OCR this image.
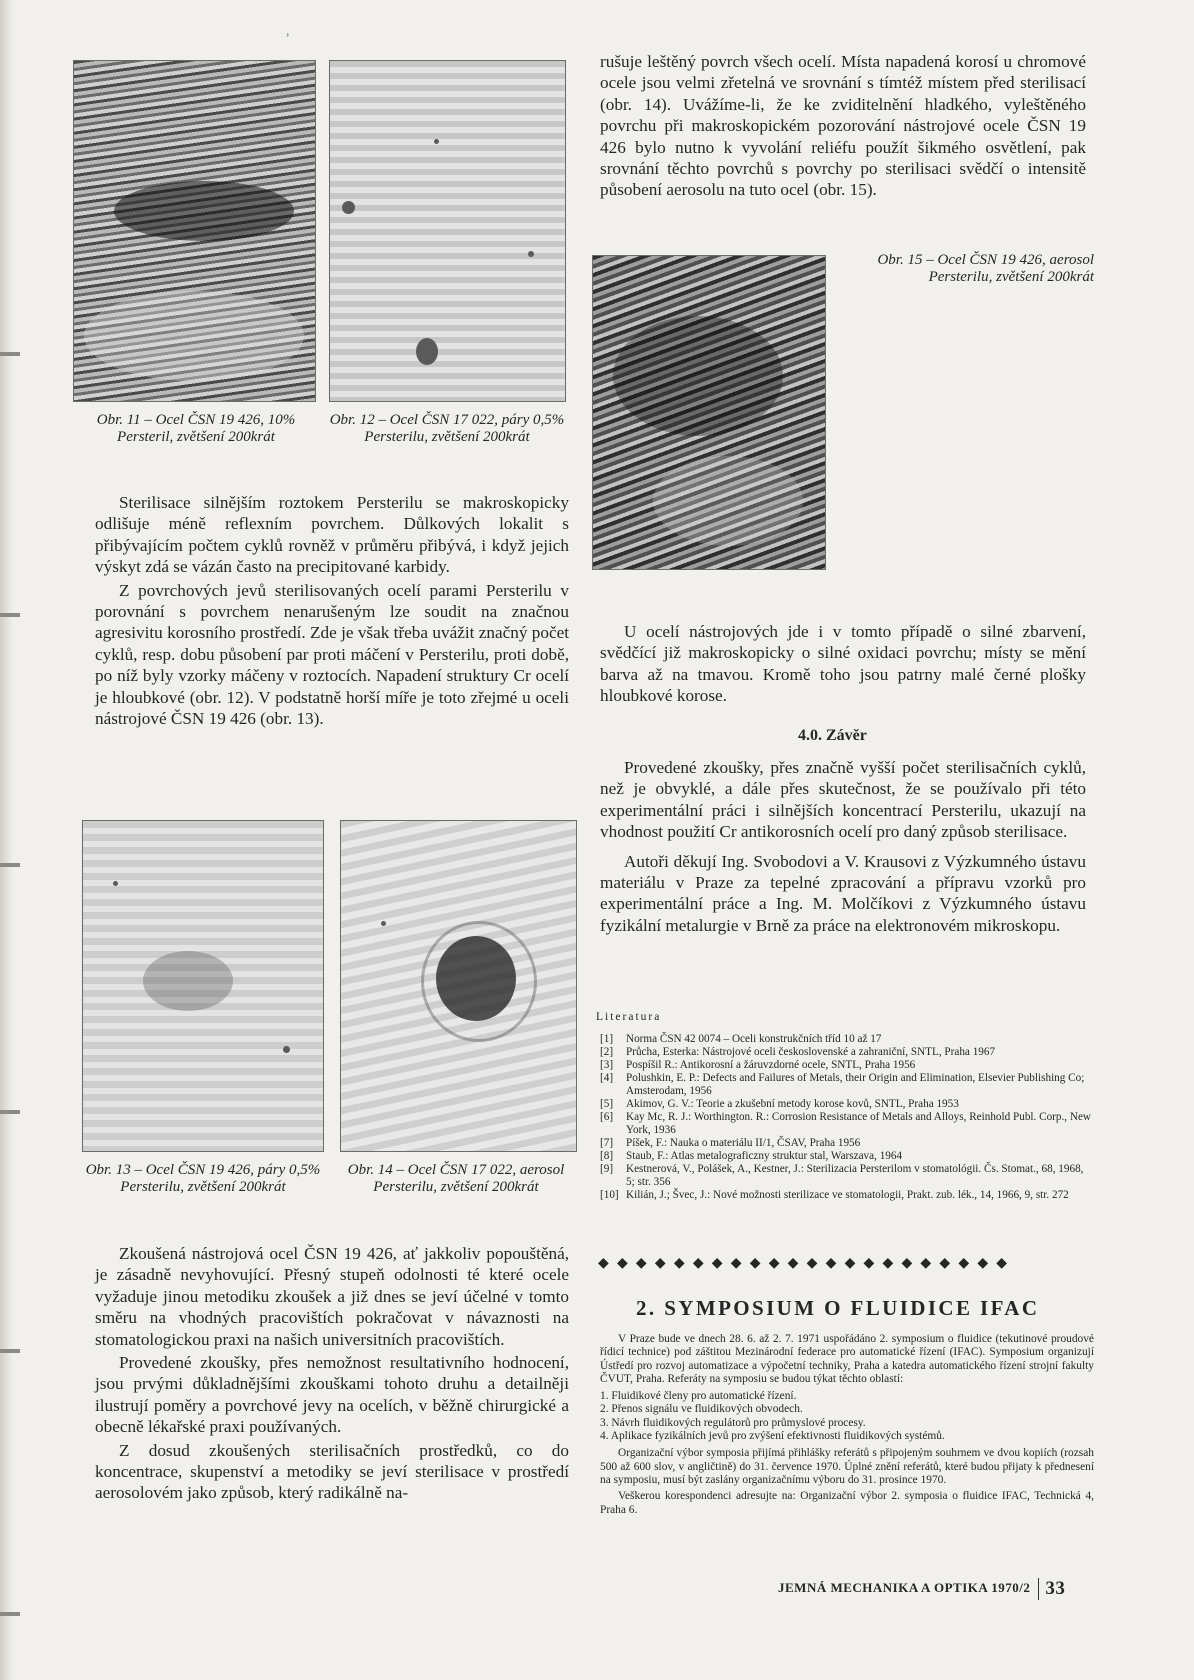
,

Obr. 11 – Ocel ČSN 19 426, 10% Persteril, zvětšení 200krát

Obr. 12 – Ocel ČSN 17 022, páry 0,5% Persterilu, zvětšení 200krát

Sterilisace silnějším roztokem Persterilu se makroskopicky odlišuje méně reflexním povrchem. Důlkových lokalit s přibývajícím počtem cyklů rovněž v průměru přibývá, i když jejich výskyt zdá se vázán často na precipitované karbidy.

Z povrchových jevů sterilisovaných ocelí parami Persterilu v porovnání s povrchem nenarušeným lze soudit na značnou agresivitu korosního prostředí. Zde je však třeba uvážit značný počet cyklů, resp. dobu působení par proti máčení v Persterilu, proti době, po níž byly vzorky máčeny v roztocích. Napadení struktury Cr ocelí je hloubkové (obr. 12). V podstatně horší míře je toto zřejmé u oceli nástrojové ČSN 19 426 (obr. 13).

Obr. 13 – Ocel ČSN 19 426, páry 0,5% Persterilu, zvětšení 200krát

Obr. 14 – Ocel ČSN 17 022, aerosol Persterilu, zvětšení 200krát

Zkoušená nástrojová ocel ČSN 19 426, ať jakkoliv popouštěná, je zásadně nevyhovující. Přesný stupeň odolnosti té které ocele vyžaduje jinou metodiku zkoušek a již dnes se jeví účelné v tomto směru na vhodných pracovištích pokračovat v návaznosti na stomatologickou praxi na našich universitních pracovištích.

Provedené zkoušky, přes nemožnost resultativního hodnocení, jsou prvými důkladnějšími zkouškami tohoto druhu a detailněji ilustrují poměry a povrchové jevy na ocelích, v běžně chirurgické a obecně lékařské praxi používaných.

Z dosud zkoušených sterilisačních prostředků, co do koncentrace, skupenství a metodiky se jeví sterilisace v prostředí aerosolovém jako způsob, který radikálně na-

rušuje leštěný povrch všech ocelí. Místa napadená korosí u chromové ocele jsou velmi zřetelná ve srovnání s tímtéž místem před sterilisací (obr. 14). Uvážíme-li, že ke zviditelnění hladkého, vyleštěného povrchu při makroskopickém pozorování nástrojové ocele ČSN 19 426 bylo nutno k vyvolání reliéfu použít šikmého osvětlení, pak srovnání těchto povrchů s povrchy po sterilisaci svědčí o intensitě působení aerosolu na tuto ocel (obr. 15).

Obr. 15 – Ocel ČSN 19 426, aerosol Persterilu, zvětšení 200krát

U ocelí nástrojových jde i v tomto případě o silné zbarvení, svědčící již makroskopicky o silné oxidaci povrchu; místy se mění barva až na tmavou. Kromě toho jsou patrny malé černé plošky hloubkové korose.

4.0. Závěr

Provedené zkoušky, přes značně vyšší počet sterilisačních cyklů, než je obvyklé, a dále přes skutečnost, že se používalo při této experimentální práci i silnějších koncentrací Persterilu, ukazují na vhodnost použití Cr antikorosních ocelí pro daný způsob sterilisace.

Autoři děkují Ing. Svobodovi a V. Krausovi z Výzkumného ústavu materiálu v Praze za tepelné zpracování a přípravu vzorků pro experimentální práce a Ing. M. Molčíkovi z Výzkumného ústavu fyzikální metalurgie v Brně za práce na elektronovém mikroskopu.

Literatura

[1] Norma ČSN 42 0074 – Oceli konstrukčních tříd 10 až 17
[2] Průcha, Esterka: Nástrojové oceli československé a zahraniční, SNTL, Praha 1967
[3] Pospíšil R.: Antikorosní a žáruvzdorné ocele, SNTL, Praha 1956
[4] Polushkin, E. P.: Defects and Failures of Metals, their Origin and Elimination, Elsevier Publishing Co; Amsterodam, 1956
[5] Akimov, G. V.: Teorie a zkušební metody korose kovů, SNTL, Praha 1953
[6] Kay Mc, R. J.: Worthington. R.: Corrosion Resistance of Metals and Alloys, Reinhold Publ. Corp., New York, 1936
[7] Píšek, F.: Nauka o materiálu II/1, ČSAV, Praha 1956
[8] Staub, F.: Atlas metalograficzny struktur stal, Warszava, 1964
[9] Kestnerová, V., Polášek, A., Kestner, J.: Sterilizacia Persterilom v stomatológii. Čs. Stomat., 68, 1968, 5; str. 356
[10] Kilián, J.; Švec, J.: Nové možnosti sterilizace ve stomatologii, Prakt. zub. lék., 14, 1966, 9, str. 272

◆◆◆◆◆◆◆◆◆◆◆◆◆◆◆◆◆◆◆◆◆◆

2. SYMPOSIUM O FLUIDICE IFAC

V Praze bude ve dnech 28. 6. až 2. 7. 1971 uspořádáno 2. symposium o fluidice (tekutinové proudové řídicí technice) pod záštitou Mezinárodní federace pro automatické řízení (IFAC). Symposium organizují Ústředí pro rozvoj automatizace a výpočetní techniky, Praha a katedra automatického řízení strojní fakulty ČVUT, Praha. Referáty na symposiu se budou týkat těchto oblastí:

1. Fluidikové členy pro automatické řízení.
2. Přenos signálu ve fluidikových obvodech.
3. Návrh fluidikových regulátorů pro průmyslové procesy.
4. Aplikace fyzikálních jevů pro zvýšení efektivnosti fluidikových systémů.

Organizační výbor symposia přijímá přihlášky referátů s připojeným souhrnem ve dvou kopiích (rozsah 500 až 600 slov, v angličtině) do 31. července 1970. Úplné znění referátů, které budou přijaty k přednesení na symposiu, musí být zaslány organizačnímu výboru do 31. prosince 1970.

Veškerou korespondenci adresujte na: Organizační výbor 2. symposia o fluidice IFAC, Technická 4, Praha 6.

JEMNÁ MECHANIKA A OPTIKA 1970/2 33
